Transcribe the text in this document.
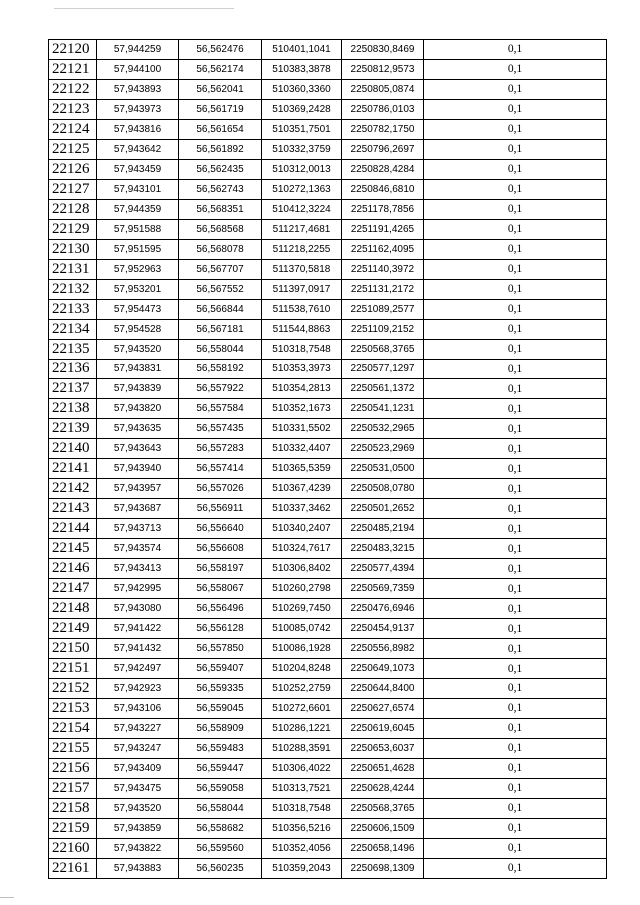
22120	57,944259	56,562476	510401,1041	2250830,8469	0,1
22121	57,944100	56,562174	510383,3878	2250812,9573	0,1
22122	57,943893	56,562041	510360,3360	2250805,0874	0,1
22123	57,943973	56,561719	510369,2428	2250786,0103	0,1
22124	57,943816	56,561654	510351,7501	2250782,1750	0,1
22125	57,943642	56,561892	510332,3759	2250796,2697	0,1
22126	57,943459	56,562435	510312,0013	2250828,4284	0,1
22127	57,943101	56,562743	510272,1363	2250846,6810	0,1
22128	57,944359	56,568351	510412,3224	2251178,7856	0,1
22129	57,951588	56,568568	511217,4681	2251191,4265	0,1
22130	57,951595	56,568078	511218,2255	2251162,4095	0,1
22131	57,952963	56,567707	511370,5818	2251140,3972	0,1
22132	57,953201	56,567552	511397,0917	2251131,2172	0,1
22133	57,954473	56,566844	511538,7610	2251089,2577	0,1
22134	57,954528	56,567181	511544,8863	2251109,2152	0,1
22135	57,943520	56,558044	510318,7548	2250568,3765	0,1
22136	57,943831	56,558192	510353,3973	2250577,1297	0,1
22137	57,943839	56,557922	510354,2813	2250561,1372	0,1
22138	57,943820	56,557584	510352,1673	2250541,1231	0,1
22139	57,943635	56,557435	510331,5502	2250532,2965	0,1
22140	57,943643	56,557283	510332,4407	2250523,2969	0,1
22141	57,943940	56,557414	510365,5359	2250531,0500	0,1
22142	57,943957	56,557026	510367,4239	2250508,0780	0,1
22143	57,943687	56,556911	510337,3462	2250501,2652	0,1
22144	57,943713	56,556640	510340,2407	2250485,2194	0,1
22145	57,943574	56,556608	510324,7617	2250483,3215	0,1
22146	57,943413	56,558197	510306,8402	2250577,4394	0,1
22147	57,942995	56,558067	510260,2798	2250569,7359	0,1
22148	57,943080	56,556496	510269,7450	2250476,6946	0,1
22149	57,941422	56,556128	510085,0742	2250454,9137	0,1
22150	57,941432	56,557850	510086,1928	2250556,8982	0,1
22151	57,942497	56,559407	510204,8248	2250649,1073	0,1
22152	57,942923	56,559335	510252,2759	2250644,8400	0,1
22153	57,943106	56,559045	510272,6601	2250627,6574	0,1
22154	57,943227	56,558909	510286,1221	2250619,6045	0,1
22155	57,943247	56,559483	510288,3591	2250653,6037	0,1
22156	57,943409	56,559447	510306,4022	2250651,4628	0,1
22157	57,943475	56,559058	510313,7521	2250628,4244	0,1
22158	57,943520	56,558044	510318,7548	2250568,3765	0,1
22159	57,943859	56,558682	510356,5216	2250606,1509	0,1
22160	57,943822	56,559560	510352,4056	2250658,1496	0,1
22161	57,943883	56,560235	510359,2043	2250698,1309	0,1
